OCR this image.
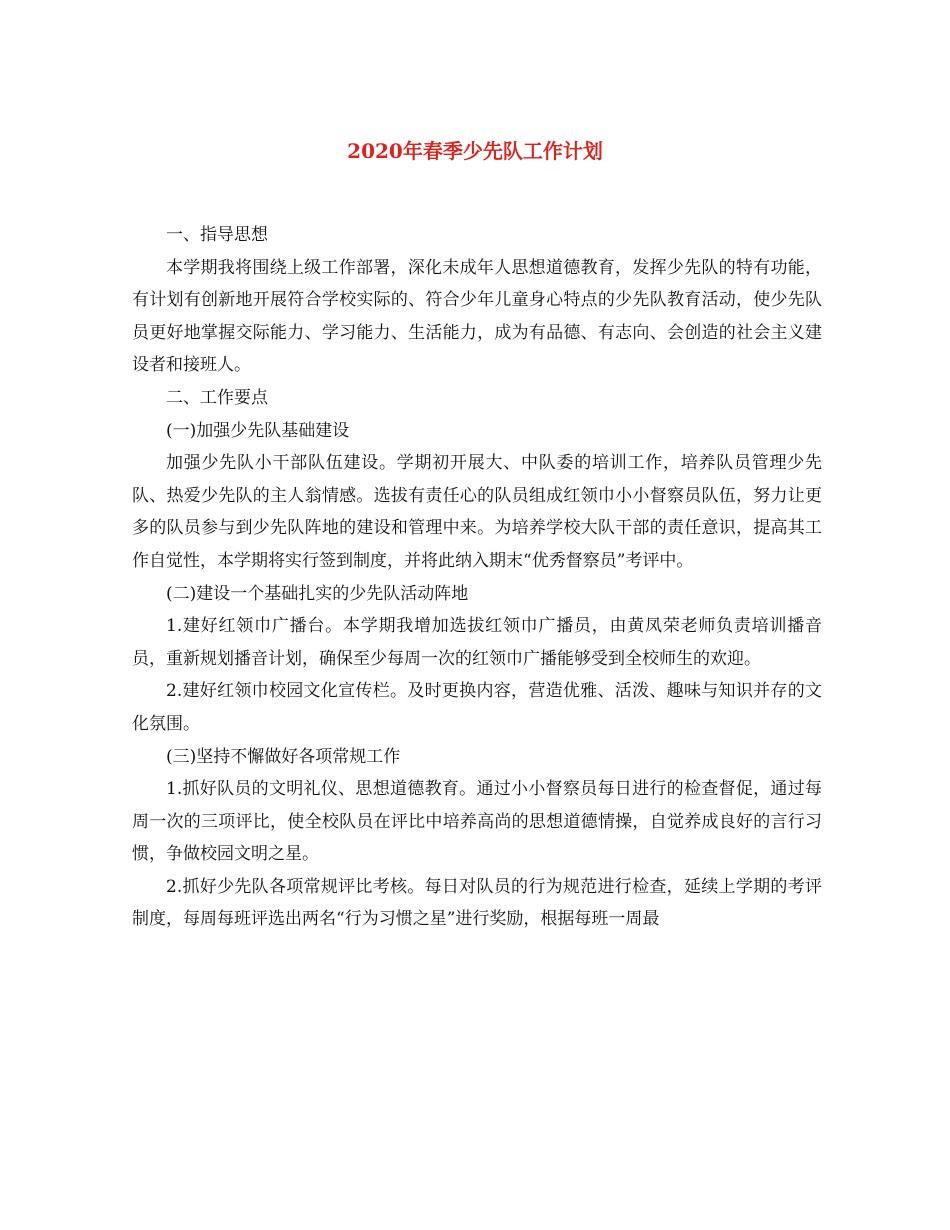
2020年春季少先队工作计划

一、指导思想

本学期我将围绕上级工作部署，深化未成年人思想道德教育，发挥少先队的特有功能，有计划有创新地开展符合学校实际的、符合少年儿童身心特点的少先队教育活动，使少先队员更好地掌握交际能力、学习能力、生活能力，成为有品德、有志向、会创造的社会主义建设者和接班人。

二、工作要点

(一)加强少先队基础建设

加强少先队小干部队伍建设。学期初开展大、中队委的培训工作，培养队员管理少先队、热爱少先队的主人翁情感。选拔有责任心的队员组成红领巾小小督察员队伍，努力让更多的队员参与到少先队阵地的建设和管理中来。为培养学校大队干部的责任意识，提高其工作自觉性，本学期将实行签到制度，并将此纳入期末“优秀督察员”考评中。

(二)建设一个基础扎实的少先队活动阵地

1.建好红领巾广播台。本学期我增加选拔红领巾广播员，由黄凤荣老师负责培训播音员，重新规划播音计划，确保至少每周一次的红领巾广播能够受到全校师生的欢迎。

2.建好红领巾校园文化宣传栏。及时更换内容，营造优雅、活泼、趣味与知识并存的文化氛围。

(三)坚持不懈做好各项常规工作

1.抓好队员的文明礼仪、思想道德教育。通过小小督察员每日进行的检查督促，通过每周一次的三项评比，使全校队员在评比中培养高尚的思想道德情操，自觉养成良好的言行习惯，争做校园文明之星。

2.抓好少先队各项常规评比考核。每日对队员的行为规范进行检查，延续上学期的考评制度，每周每班评选出两名“行为习惯之星”进行奖励，根据每班一周最
